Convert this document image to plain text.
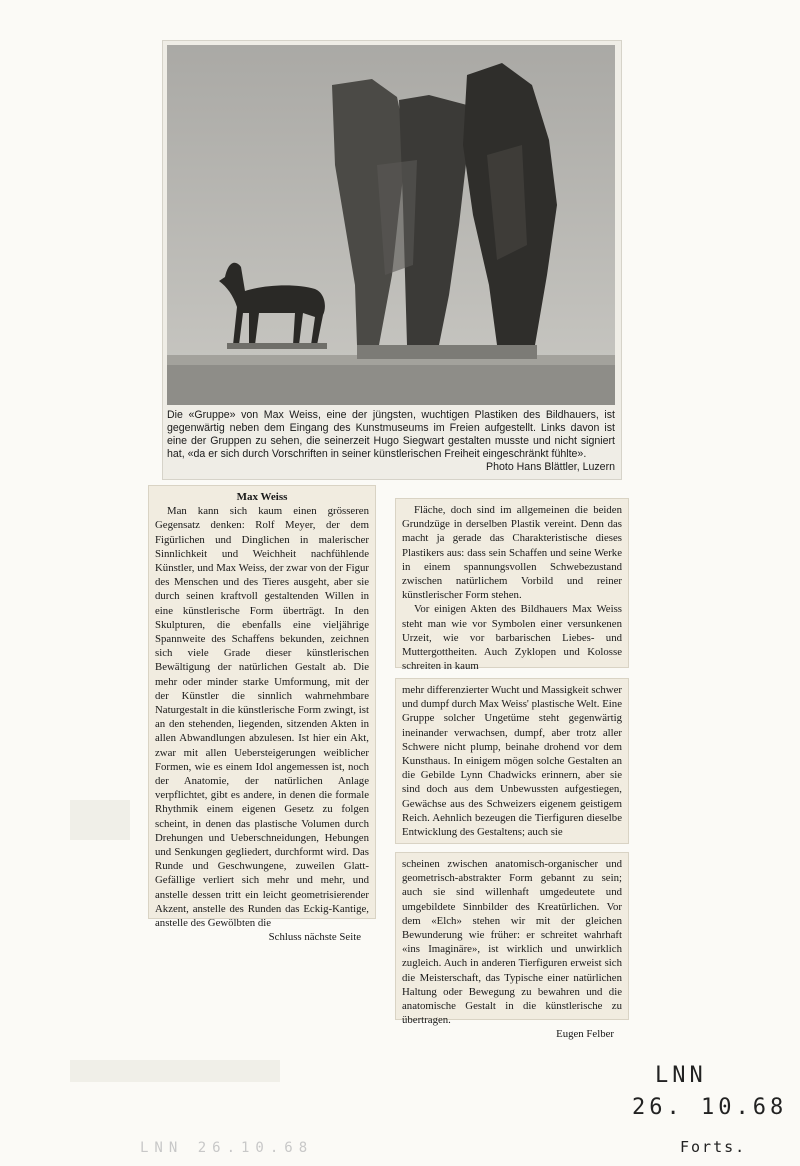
Die «Gruppe» von Max Weiss, eine der jüngsten, wuchtigen Plastiken des Bildhauers, ist gegenwärtig neben dem Eingang des Kunstmuseums im Freien aufgestellt. Links davon ist eine der Gruppen zu sehen, die seinerzeit Hugo Siegwart gestalten musste und nicht signiert hat, «da er sich durch Vorschriften in seiner künstlerischen Freiheit eingeschränkt fühlte».
Photo Hans Blättler, Luzern

Max Weiss

Man kann sich kaum einen grösseren Gegensatz denken: Rolf Meyer, der dem Figürlichen und Dinglichen in malerischer Sinnlichkeit und Weichheit nachfühlende Künstler, und Max Weiss, der zwar von der Figur des Menschen und des Tieres ausgeht, aber sie durch seinen kraftvoll gestaltenden Willen in eine künstlerische Form überträgt. In den Skulpturen, die ebenfalls eine vieljährige Spannweite des Schaffens bekunden, zeichnen sich viele Grade dieser künstlerischen Bewältigung der natürlichen Gestalt ab. Die mehr oder minder starke Umformung, mit der der Künstler die sinnlich wahrnehmbare Naturgestalt in die künstlerische Form zwingt, ist an den stehenden, liegenden, sitzenden Akten in allen Abwandlungen abzulesen. Ist hier ein Akt, zwar mit allen Uebersteigerungen weiblicher Formen, wie es einem Idol angemessen ist, noch der Anatomie, der natürlichen Anlage verpflichtet, gibt es andere, in denen die formale Rhythmik einem eigenen Gesetz zu folgen scheint, in denen das plastische Volumen durch Drehungen und Ueberschneidungen, Hebungen und Senkungen gegliedert, durchformt wird. Das Runde und Geschwungene, zuweilen Glatt-Gefällige verliert sich mehr und mehr, und anstelle dessen tritt ein leicht geometrisierender Akzent, anstelle des Runden das Eckig-Kantige, anstelle des Gewölbten die

Schluss nächste Seite

Fläche, doch sind im allgemeinen die beiden Grundzüge in derselben Plastik vereint. Denn das macht ja gerade das Charakteristische dieses Plastikers aus: dass sein Schaffen und seine Werke in einem spannungsvollen Schwebezustand zwischen natürlichem Vorbild und reiner künstlerischer Form stehen.

Vor einigen Akten des Bildhauers Max Weiss steht man wie vor Symbolen einer versunkenen Urzeit, wie vor barbarischen Liebes- und Muttergottheiten. Auch Zyklopen und Kolosse schreiten in kaum

mehr differenzierter Wucht und Massigkeit schwer und dumpf durch Max Weiss' plastische Welt. Eine Gruppe solcher Ungetüme steht gegenwärtig ineinander verwachsen, dumpf, aber trotz aller Schwere nicht plump, beinahe drohend vor dem Kunsthaus. In einigem mögen solche Gestalten an die Gebilde Lynn Chadwicks erinnern, aber sie sind doch aus dem Unbewussten aufgestiegen, Gewächse aus des Schweizers eigenem geistigem Reich. Aehnlich bezeugen die Tierfiguren dieselbe Entwicklung des Gestaltens; auch sie

scheinen zwischen anatomisch-organischer und geometrisch-abstrakter Form gebannt zu sein; auch sie sind willenhaft umgedeutete und umgebildete Sinnbilder des Kreatürlichen. Vor dem «Elch» stehen wir mit der gleichen Bewunderung wie früher: er schreitet wahrhaft «ins Imaginäre», ist wirklich und unwirklich zugleich. Auch in anderen Tierfiguren erweist sich die Meisterschaft, das Typische einer natürlichen Haltung oder Bewegung zu bewahren und die anatomische Gestalt in die künstlerische zu übertragen.

Eugen Felber

LNN
26. 10.68
Forts.
LNN 26.10.68
